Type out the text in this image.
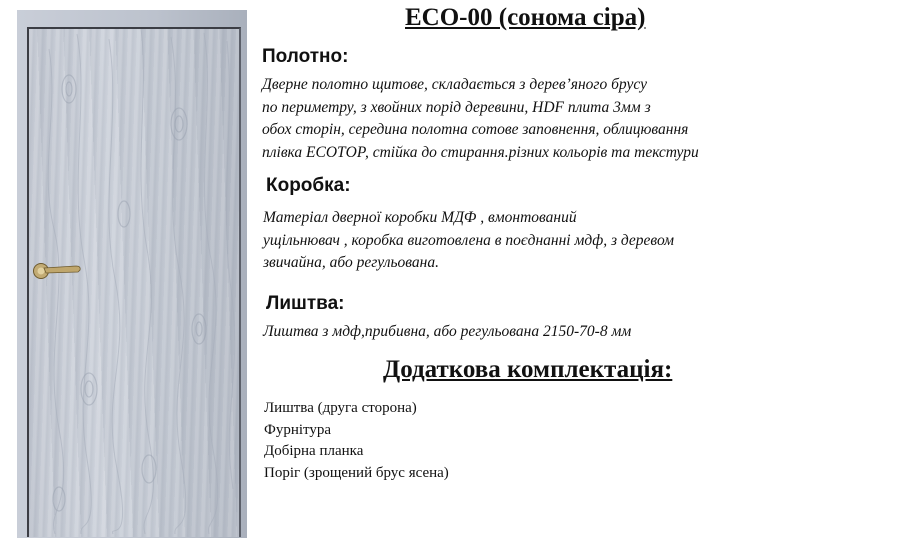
ЕСО-00 (сонома сіра)
Полотно:

Дверне полотно щитове, складається з дерев’яного брусу
по периметру, з хвойних порід деревини, HDF плита 3мм з
обох сторін, середина полотна сотове заповнення, облицювання
плівка ЕСОТОР, стійка до стирання.різних кольорів та текстури

Коробка:

Матеріал дверної коробки МДФ , вмонтований
ущільнювач , коробка виготовлена в поєднанні мдф, з деревом
звичайна, або регульована.

Лиштва:

Лиштва з мдф,прибивна, або регульована 2150-70-8 мм

Додаткова комплектація:
Лиштва (друга сторона)
Фурнітура
Добірна планка
Поріг (зрощений брус ясена)
